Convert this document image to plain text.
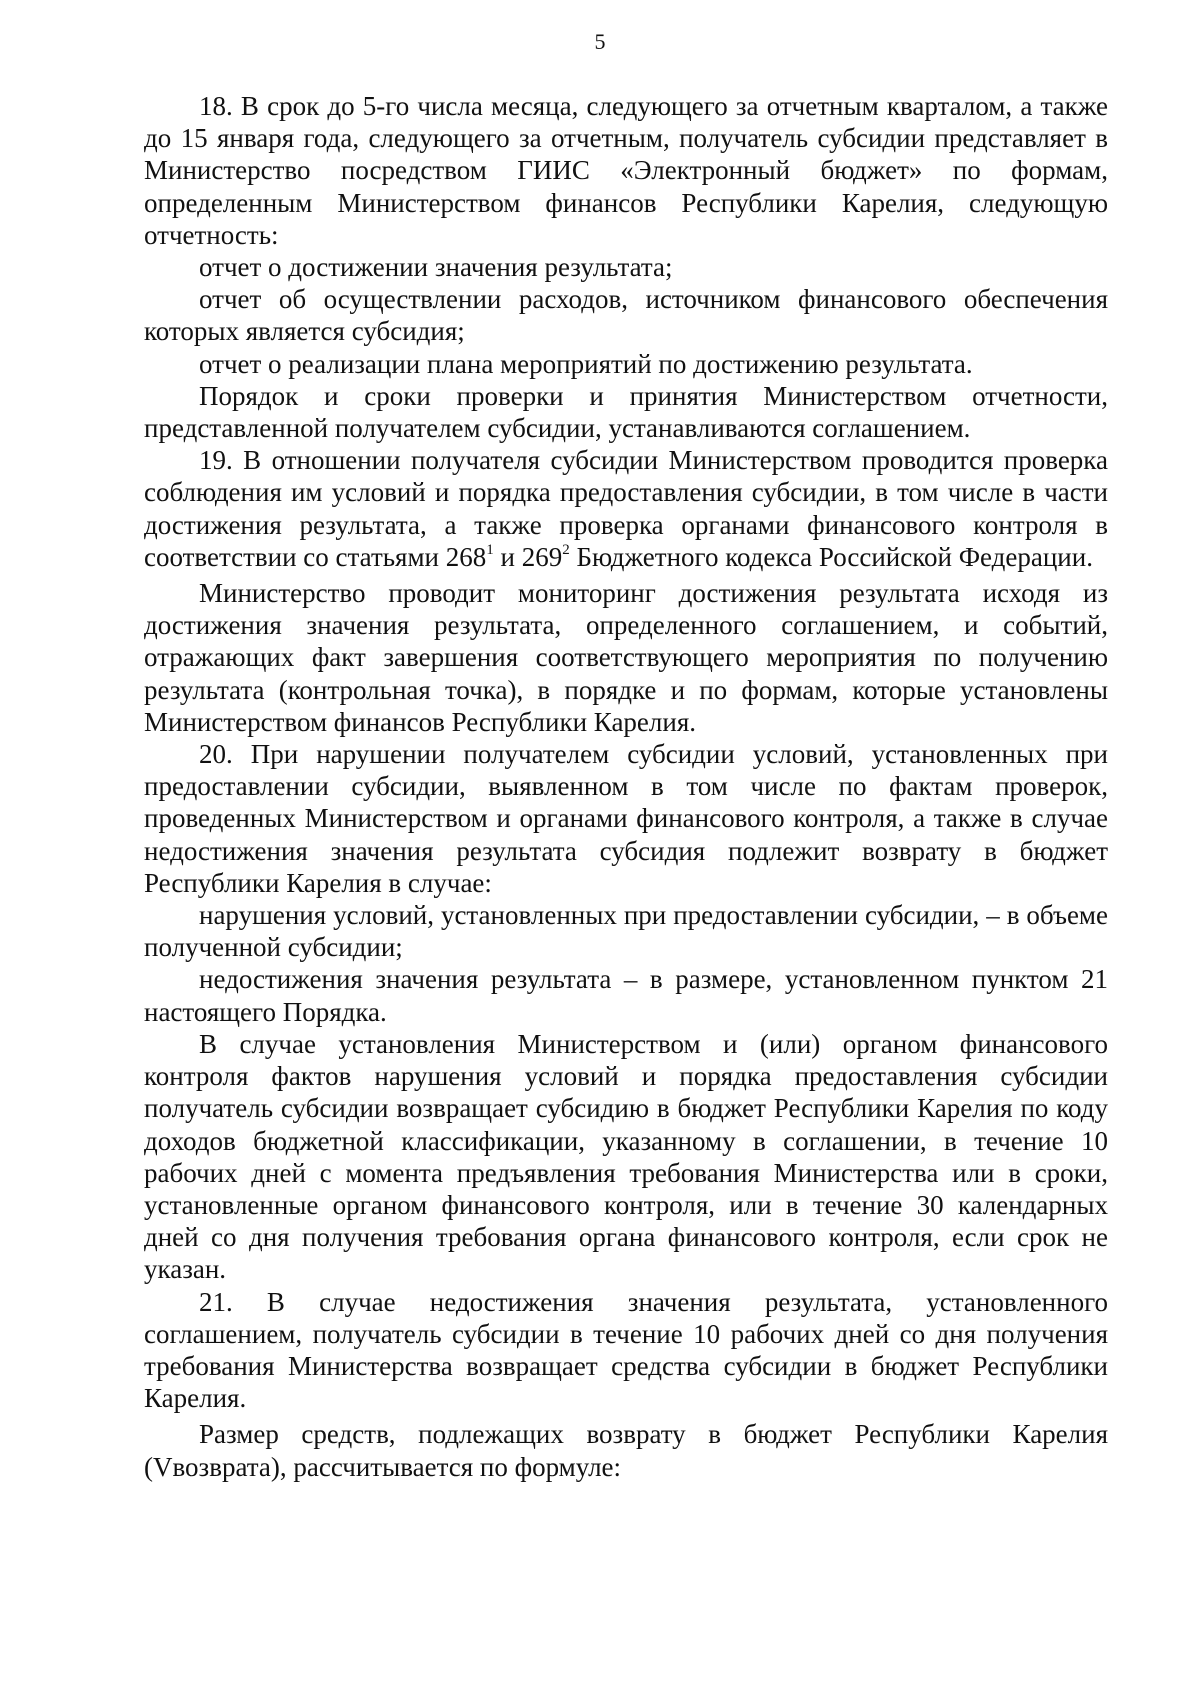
5

18. В срок до 5-го числа месяца, следующего за отчетным кварталом, а также до 15 января года, следующего за отчетным, получатель субсидии представляет в Министерство посредством ГИИС «Электронный бюджет» по формам, определенным Министерством финансов Республики Карелия, следующую отчетность:

отчет о достижении значения результата;

отчет об осуществлении расходов, источником финансового обеспечения которых является субсидия;

отчет о реализации плана мероприятий по достижению результата.

Порядок и сроки проверки и принятия Министерством отчетности, представленной получателем субсидии, устанавливаются соглашением.

19. В отношении получателя субсидии Министерством проводится проверка соблюдения им условий и порядка предоставления субсидии, в том числе в части достижения результата, а также проверка органами финансового контроля в соответствии со статьями $268^1$ и $269^2$ Бюджетного кодекса Российской Федерации.

Министерство проводит мониторинг достижения результата исходя из достижения значения результата, определенного соглашением, и событий, отражающих факт завершения соответствующего мероприятия по получению результата (контрольная точка), в порядке и по формам, которые установлены Министерством финансов Республики Карелия.

20. При нарушении получателем субсидии условий, установленных при предоставлении субсидии, выявленном в том числе по фактам проверок, проведенных Министерством и органами финансового контроля, а также в случае недостижения значения результата субсидия подлежит возврату в бюджет Республики Карелия в случае:

нарушения условий, установленных при предоставлении субсидии, – в объеме полученной субсидии;

недостижения значения результата – в размере, установленном пунктом 21 настоящего Порядка.

В случае установления Министерством и (или) органом финансового контроля фактов нарушения условий и порядка предоставления субсидии получатель субсидии возвращает субсидию в бюджет Республики Карелия по коду доходов бюджетной классификации, указанному в соглашении, в течение 10 рабочих дней с момента предъявления требования Министерства или в сроки, установленные органом финансового контроля, или в течение 30 календарных дней со дня получения требования органа финансового контроля, если срок не указан.

21. В случае недостижения значения результата, установленного соглашением, получатель субсидии в течение 10 рабочих дней со дня получения требования Министерства возвращает средства субсидии в бюджет Республики Карелия.

Размер средств, подлежащих возврату в бюджет Республики Карелия (Vвозврата), рассчитывается по формуле:
